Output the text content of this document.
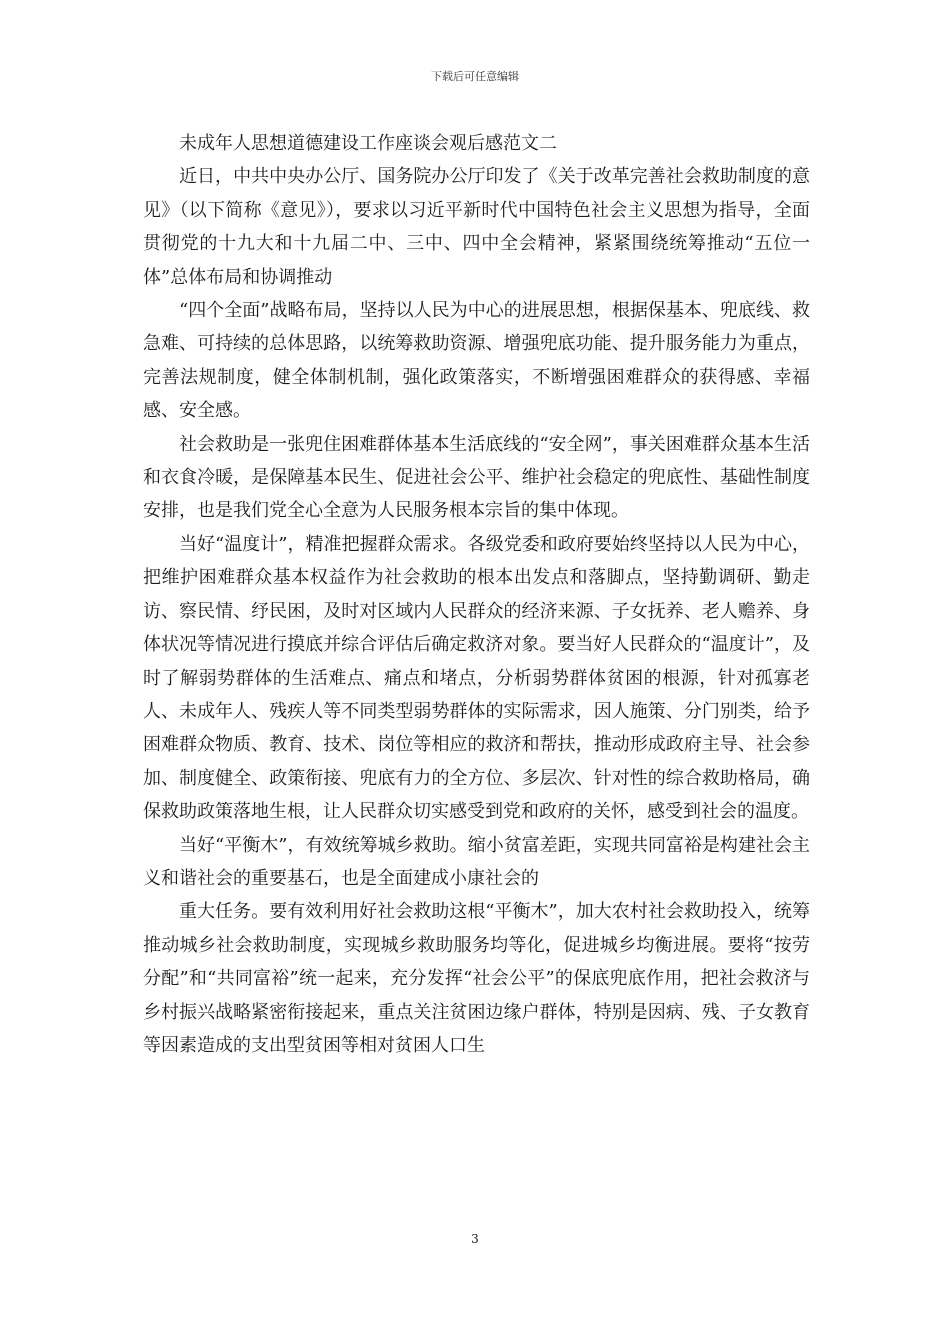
下载后可任意编辑

未成年人思想道德建设工作座谈会观后感范文二

近日，中共中央办公厅、国务院办公厅印发了《关于改革完善社会救助制度的意见》（以下简称《意见》），要求以习近平新时代中国特色社会主义思想为指导，全面贯彻党的十九大和十九届二中、三中、四中全会精神，紧紧围绕统筹推动“五位一体”总体布局和协调推动

“四个全面”战略布局，坚持以人民为中心的进展思想，根据保基本、兜底线、救急难、可持续的总体思路，以统筹救助资源、增强兜底功能、提升服务能力为重点，完善法规制度，健全体制机制，强化政策落实，不断增强困难群众的获得感、幸福感、安全感。

社会救助是一张兜住困难群体基本生活底线的“安全网”，事关困难群众基本生活和衣食冷暖，是保障基本民生、促进社会公平、维护社会稳定的兜底性、基础性制度安排，也是我们党全心全意为人民服务根本宗旨的集中体现。

当好“温度计”，精准把握群众需求。各级党委和政府要始终坚持以人民为中心，把维护困难群众基本权益作为社会救助的根本出发点和落脚点，坚持勤调研、勤走访、察民情、纾民困，及时对区域内人民群众的经济来源、子女抚养、老人赡养、身体状况等情况进行摸底并综合评估后确定救济对象。要当好人民群众的“温度计”，及时了解弱势群体的生活难点、痛点和堵点，分析弱势群体贫困的根源，针对孤寡老人、未成年人、残疾人等不同类型弱势群体的实际需求，因人施策、分门别类，给予困难群众物质、教育、技术、岗位等相应的救济和帮扶，推动形成政府主导、社会参加、制度健全、政策衔接、兜底有力的全方位、多层次、针对性的综合救助格局，确保救助政策落地生根，让人民群众切实感受到党和政府的关怀，感受到社会的温度。

当好“平衡木”，有效统筹城乡救助。缩小贫富差距，实现共同富裕是构建社会主义和谐社会的重要基石，也是全面建成小康社会的

重大任务。要有效利用好社会救助这根“平衡木”，加大农村社会救助投入，统筹推动城乡社会救助制度，实现城乡救助服务均等化，促进城乡均衡进展。要将“按劳分配”和“共同富裕”统一起来，充分发挥“社会公平”的保底兜底作用，把社会救济与乡村振兴战略紧密衔接起来，重点关注贫困边缘户群体，特别是因病、残、子女教育等因素造成的支出型贫困等相对贫困人口生

3
